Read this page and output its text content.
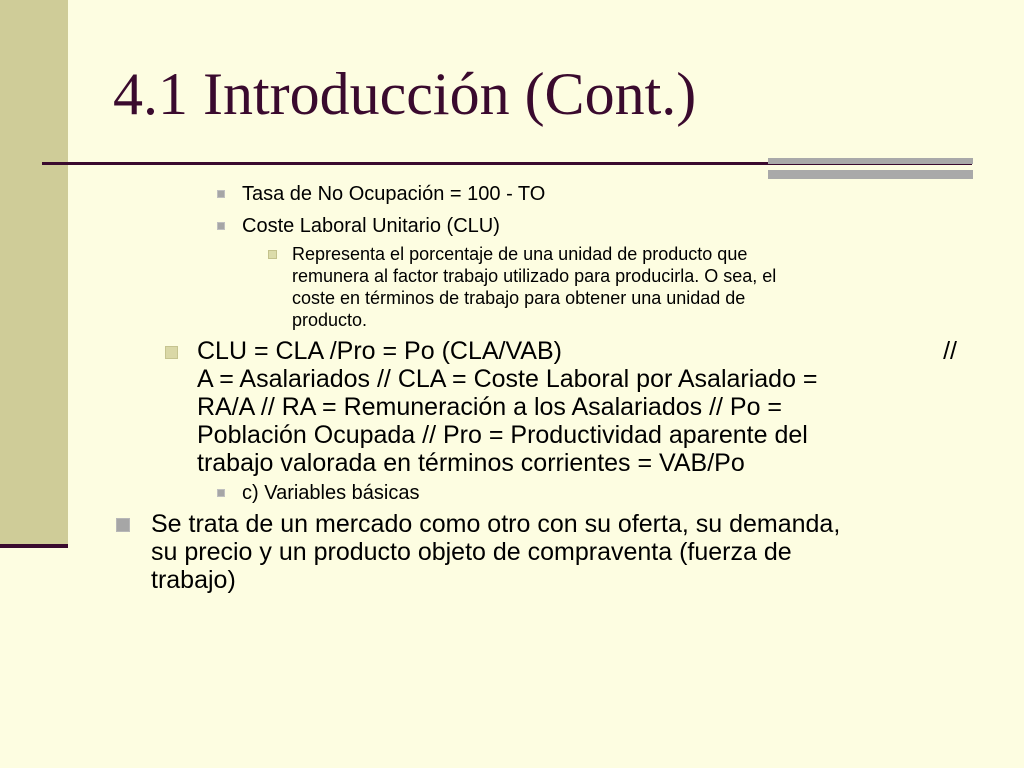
4.1 Introducción (Cont.)

Tasa de No Ocupación = 100 - TO

Coste Laboral Unitario (CLU)

Representa el porcentaje de una unidad de producto que
remunera al factor trabajo utilizado para producirla. O sea, el
coste en términos de trabajo para obtener una unidad de
producto.
CLU = CLA /Pro = Po (CLA/VAB)	//
A = Asalariados // CLA = Coste Laboral por Asalariado =
RA/A // RA = Remuneración a los Asalariados // Po =
Población Ocupada // Pro = Productividad aparente del
trabajo valorada en términos corrientes = VAB/Po

c) Variables básicas

Se trata de un mercado como otro con su oferta, su demanda,
su precio y un producto objeto de compraventa (fuerza de
trabajo)
